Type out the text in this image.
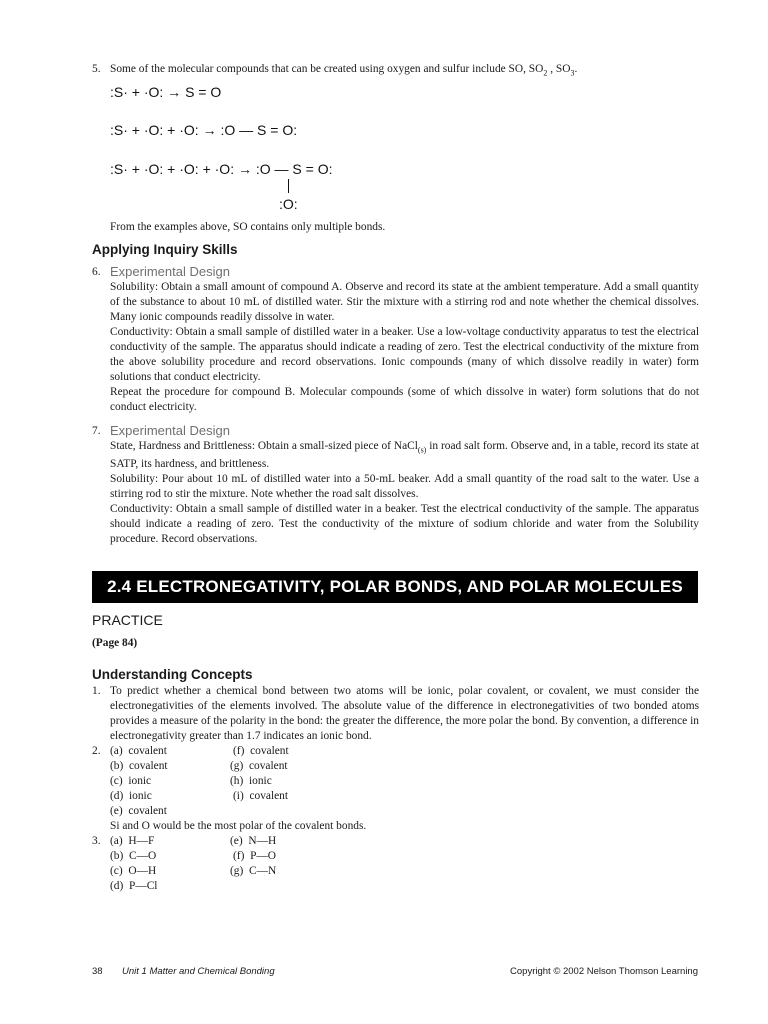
5. Some of the molecular compounds that can be created using oxygen and sulfur include SO, $SO_2$ , $SO_3$.
:S· + ·O: → S = O
:S· + ·O: + ·O: → :O — S = O:
:S· + ·O: + ·O: + ·O: → :O — S = O:
:O:
From the examples above, SO contains only multiple bonds.
Applying Inquiry Skills
6. Experimental Design

Solubility: Obtain a small amount of compound A. Observe and record its state at the ambient temperature. Add a small quantity of the substance to about 10 mL of distilled water. Stir the mixture with a stirring rod and note whether the chemical dissolves. Many ionic compounds readily dissolve in water.

Conductivity: Obtain a small sample of distilled water in a beaker. Use a low-voltage conductivity apparatus to test the electrical conductivity of the sample. The apparatus should indicate a reading of zero. Test the electrical conductivity of the mixture from the above solubility procedure and record observations. Ionic compounds (many of which dissolve readily in water) form solutions that conduct electricity.

Repeat the procedure for compound B. Molecular compounds (some of which dissolve in water) form solutions that do not conduct electricity.

7. Experimental Design

State, Hardness and Brittleness: Obtain a small-sized piece of NaCl$_{(s)}$ in road salt form. Observe and, in a table, record its state at SATP, its hardness, and brittleness.

Solubility: Pour about 10 mL of distilled water into a 50-mL beaker. Add a small quantity of the road salt to the water. Use a stirring rod to stir the mixture. Note whether the road salt dissolves.

Conductivity: Obtain a small sample of distilled water in a beaker. Test the electrical conductivity of the sample. The apparatus should indicate a reading of zero. Test the conductivity of the mixture of sodium chloride and water from the Solubility procedure. Record observations.

2.4 ELECTRONEGATIVITY, POLAR BONDS, AND POLAR MOLECULES
PRACTICE
(Page 84)
Understanding Concepts
1. To predict whether a chemical bond between two atoms will be ionic, polar covalent, or covalent, we must consider the electronegativities of the elements involved. The absolute value of the difference in electronegativities of two bonded atoms provides a measure of the polarity in the bond: the greater the difference, the more polar the bond. By convention, a difference in electronegativity greater than 1.7 indicates an ionic bond.

2. (a)  covalent
(b)  covalent
(c)  ionic
(d)  ionic
(e)  covalent
(f)  covalent
(g)  covalent
(h)  ionic
(i)  covalent
Si and O would be the most polar of the covalent bonds.
3. (a)  H—F
(b)  C—O
(c)  O—H
(d)  P—Cl
(e)  N—H
(f)  P—O
(g)  C—N
38 Unit 1 Matter and Chemical Bonding	Copyright © 2002 Nelson Thomson Learning
